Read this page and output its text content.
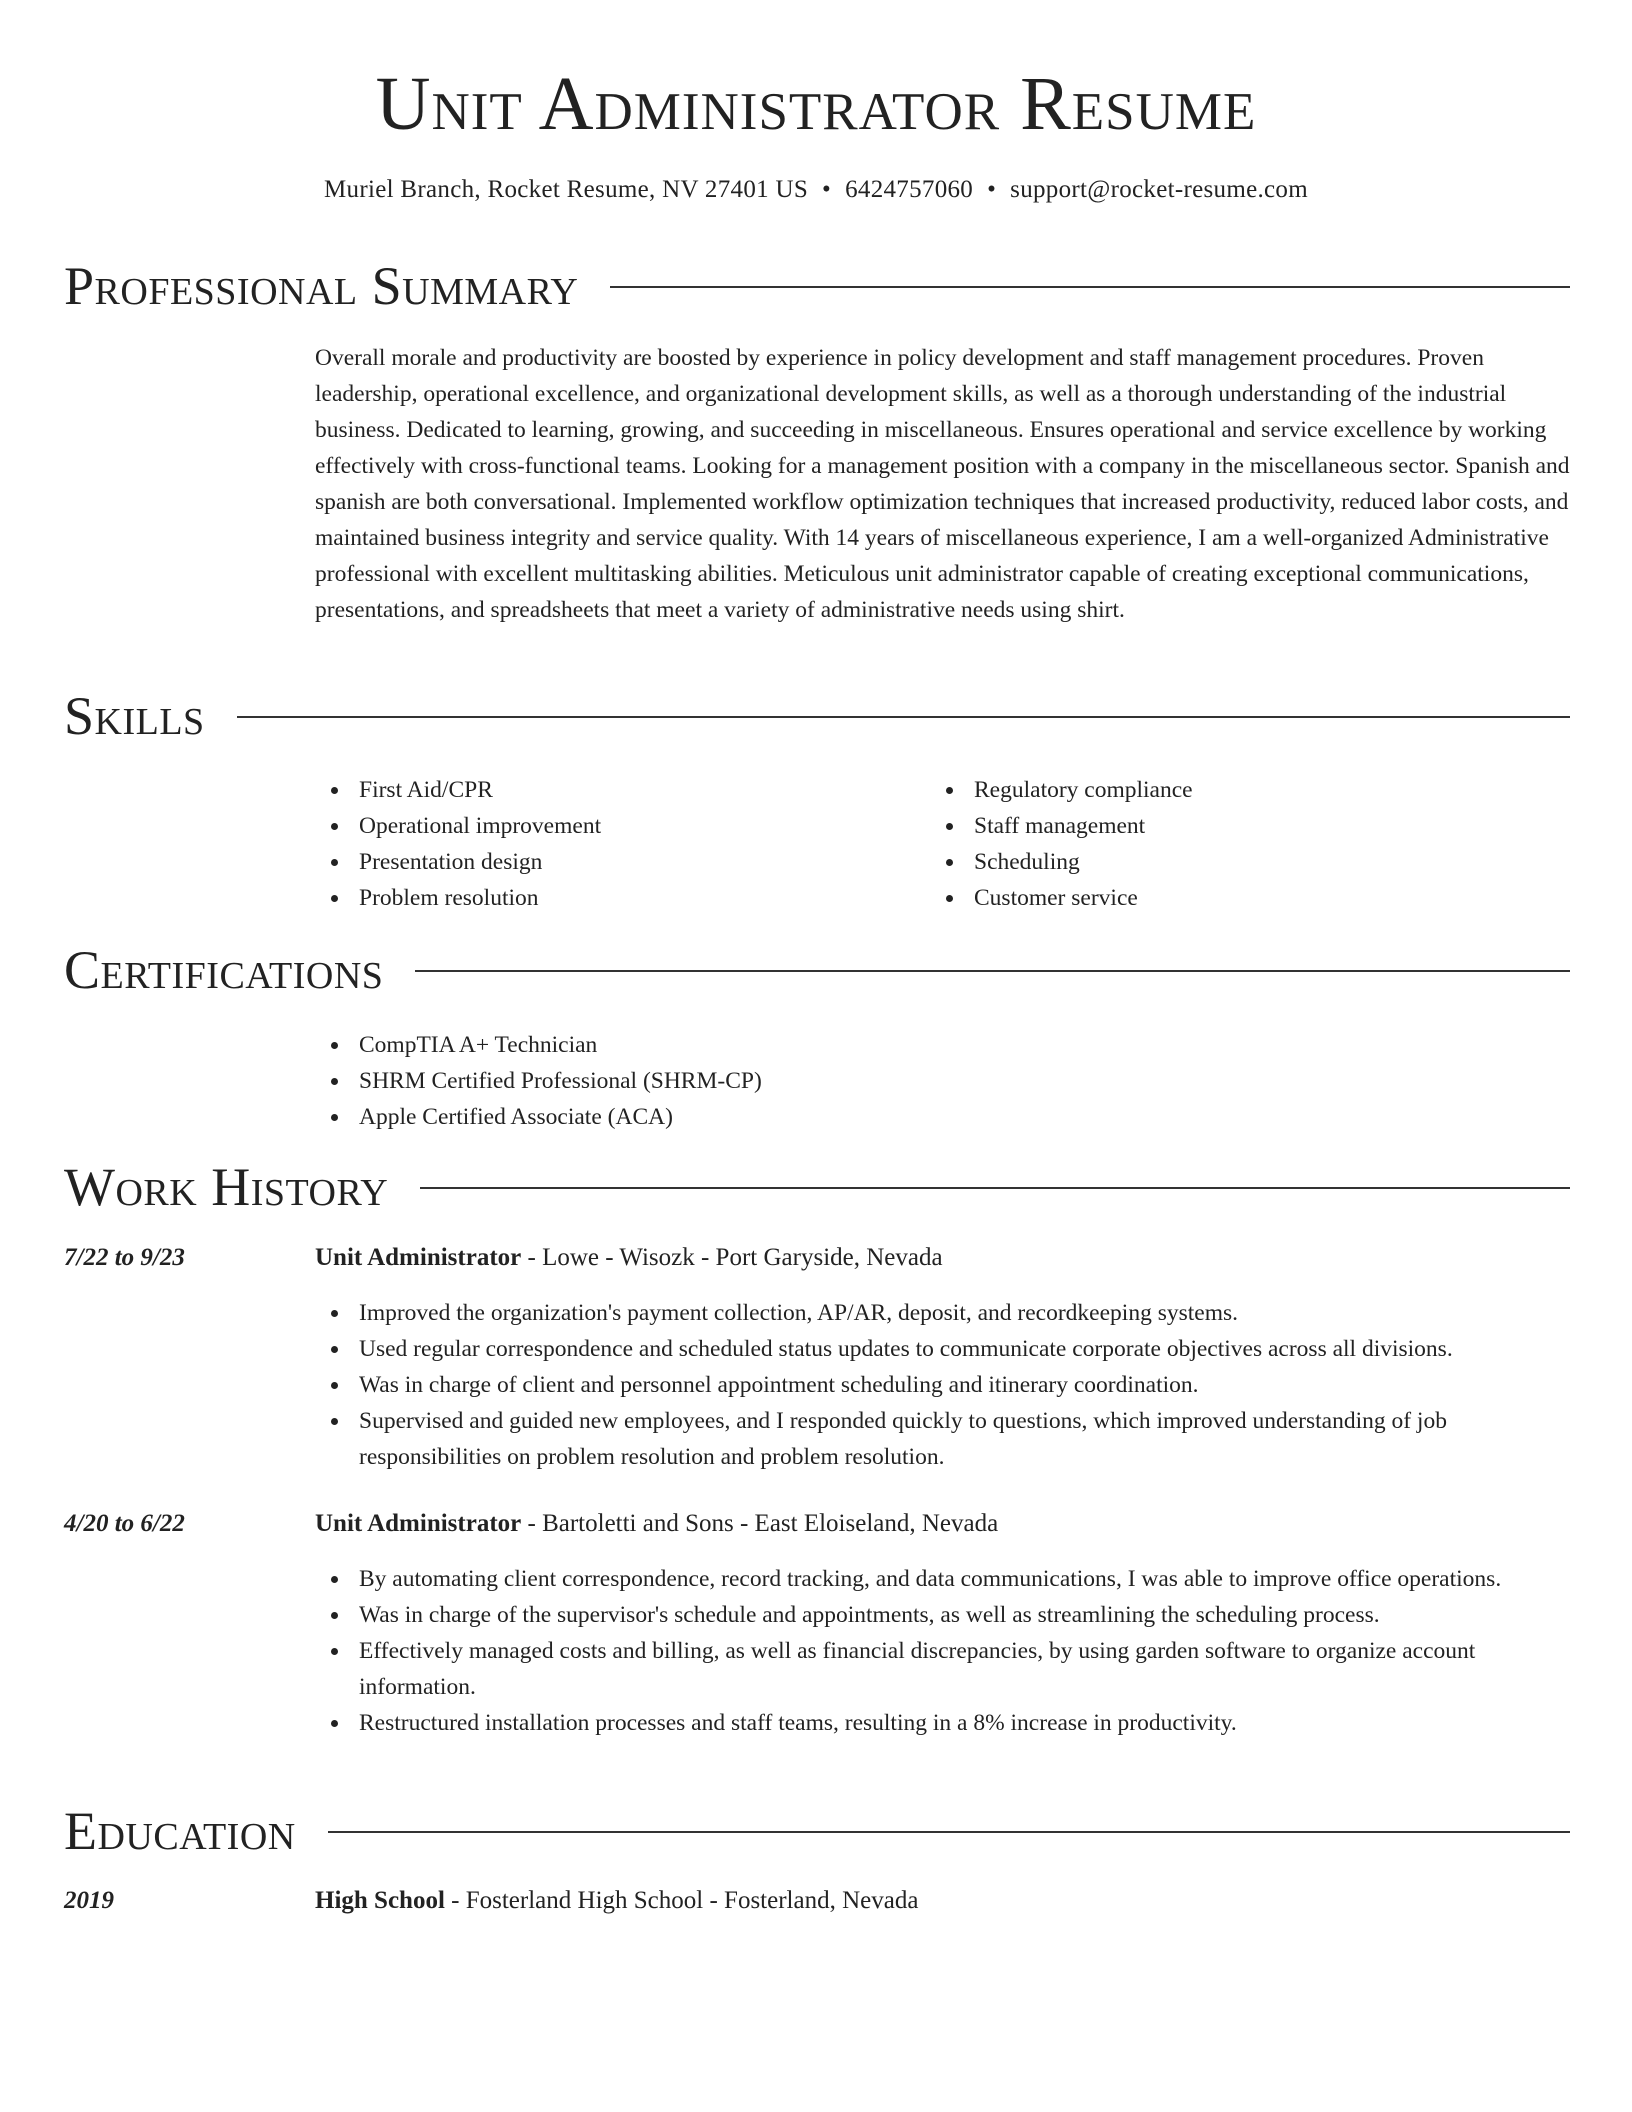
Unit Administrator Resume
Muriel Branch, Rocket Resume, NV 27401 US • 6424757060 • support@rocket-resume.com
Professional Summary

Overall morale and productivity are boosted by experience in policy development and staff management procedures. Proven leadership, operational excellence, and organizational development skills, as well as a thorough understanding of the industrial business. Dedicated to learning, growing, and succeeding in miscellaneous. Ensures operational and service excellence by working effectively with cross-functional teams. Looking for a management position with a company in the miscellaneous sector. Spanish and spanish are both conversational. Implemented workflow optimization techniques that increased productivity, reduced labor costs, and maintained business integrity and service quality. With 14 years of miscellaneous experience, I am a well-organized Administrative professional with excellent multitasking abilities. Meticulous unit administrator capable of creating exceptional communications, presentations, and spreadsheets that meet a variety of administrative needs using shirt.

Skills
First Aid/CPR
Operational improvement
Presentation design
Problem resolution
Regulatory compliance
Staff management
Scheduling
Customer service
Certifications
CompTIA A+ Technician
SHRM Certified Professional (SHRM-CP)
Apple Certified Associate (ACA)
Work History
7/22 to 9/23	Unit Administrator - Lowe - Wisozk - Port Garyside, Nevada
Improved the organization's payment collection, AP/AR, deposit, and recordkeeping systems.
Used regular correspondence and scheduled status updates to communicate corporate objectives across all divisions.
Was in charge of client and personnel appointment scheduling and itinerary coordination.
Supervised and guided new employees, and I responded quickly to questions, which improved understanding of job responsibilities on problem resolution and problem resolution.
4/20 to 6/22	Unit Administrator - Bartoletti and Sons - East Eloiseland, Nevada
By automating client correspondence, record tracking, and data communications, I was able to improve office operations.
Was in charge of the supervisor's schedule and appointments, as well as streamlining the scheduling process.
Effectively managed costs and billing, as well as financial discrepancies, by using garden software to organize account information.
Restructured installation processes and staff teams, resulting in a 8% increase in productivity.
Education
2019	High School - Fosterland High School - Fosterland, Nevada
